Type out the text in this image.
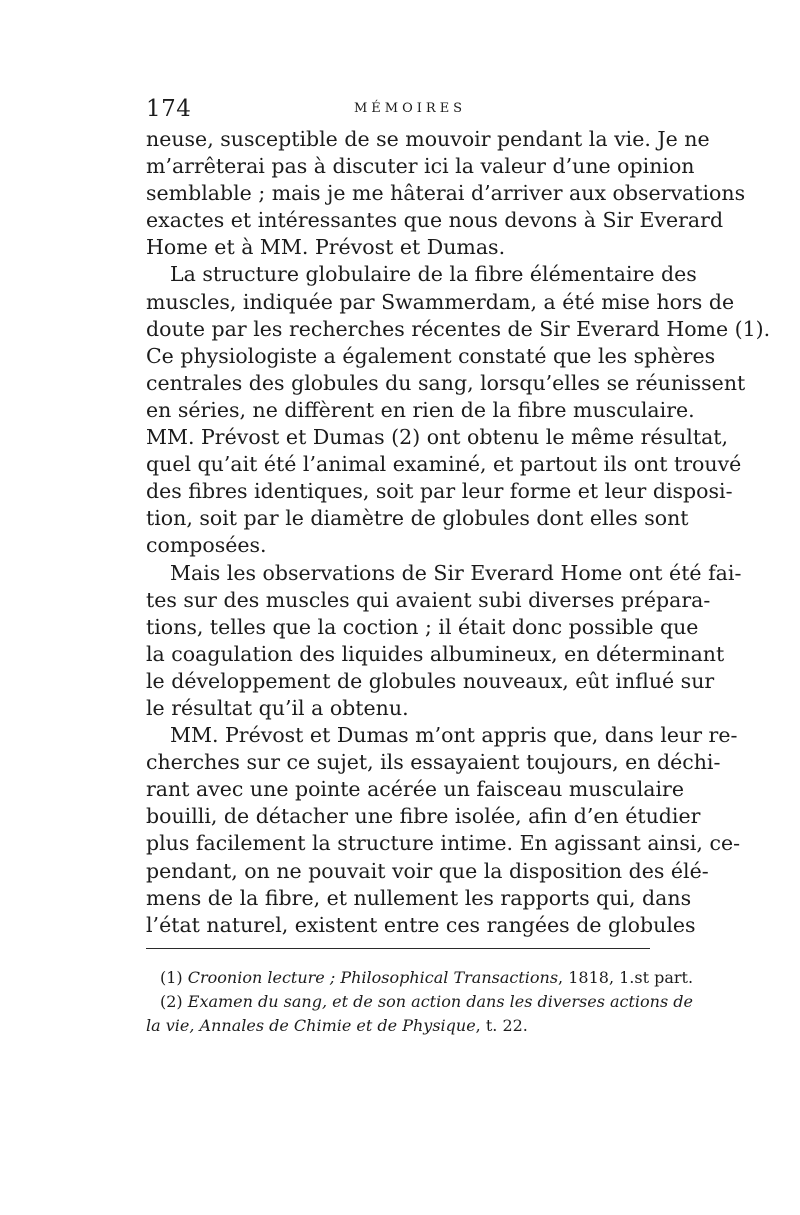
174	MÉMOIRES
neuse, susceptible de se mouvoir pendant la vie. Je ne
m’arrêterai pas à discuter ici la valeur d’une opinion
semblable ; mais je me hâterai d’arriver aux observations
exactes et intéressantes que nous devons à Sir Everard
Home et à MM. Prévost et Dumas.
La structure globulaire de la fibre élémentaire des
muscles, indiquée par Swammerdam, a été mise hors de
doute par les recherches récentes de Sir Everard Home (1).
Ce physiologiste a également constaté que les sphères
centrales des globules du sang, lorsqu’elles se réunissent
en séries, ne diffèrent en rien de la fibre musculaire.
MM. Prévost et Dumas (2) ont obtenu le même résultat,
quel qu’ait été l’animal examiné, et partout ils ont trouvé
des fibres identiques, soit par leur forme et leur disposi-
tion, soit par le diamètre de globules dont elles sont
composées.
Mais les observations de Sir Everard Home ont été fai-
tes sur des muscles qui avaient subi diverses prépara-
tions, telles que la coction ; il était donc possible que
la coagulation des liquides albumineux, en déterminant
le développement de globules nouveaux, eût influé sur
le résultat qu’il a obtenu.
MM. Prévost et Dumas m’ont appris que, dans leur re-
cherches sur ce sujet, ils essayaient toujours, en déchi-
rant avec une pointe acérée un faisceau musculaire
bouilli, de détacher une fibre isolée, afin d’en étudier
plus facilement la structure intime. En agissant ainsi, ce-
pendant, on ne pouvait voir que la disposition des élé-
mens de la fibre, et nullement les rapports qui, dans
l’état naturel, existent entre ces rangées de globules
(1) Croonion lecture ; Philosophical Transactions, 1818, 1.st part.
(2) Examen du sang, et de son action dans les diverses actions de
la vie, Annales de Chimie et de Physique, t. 22.
